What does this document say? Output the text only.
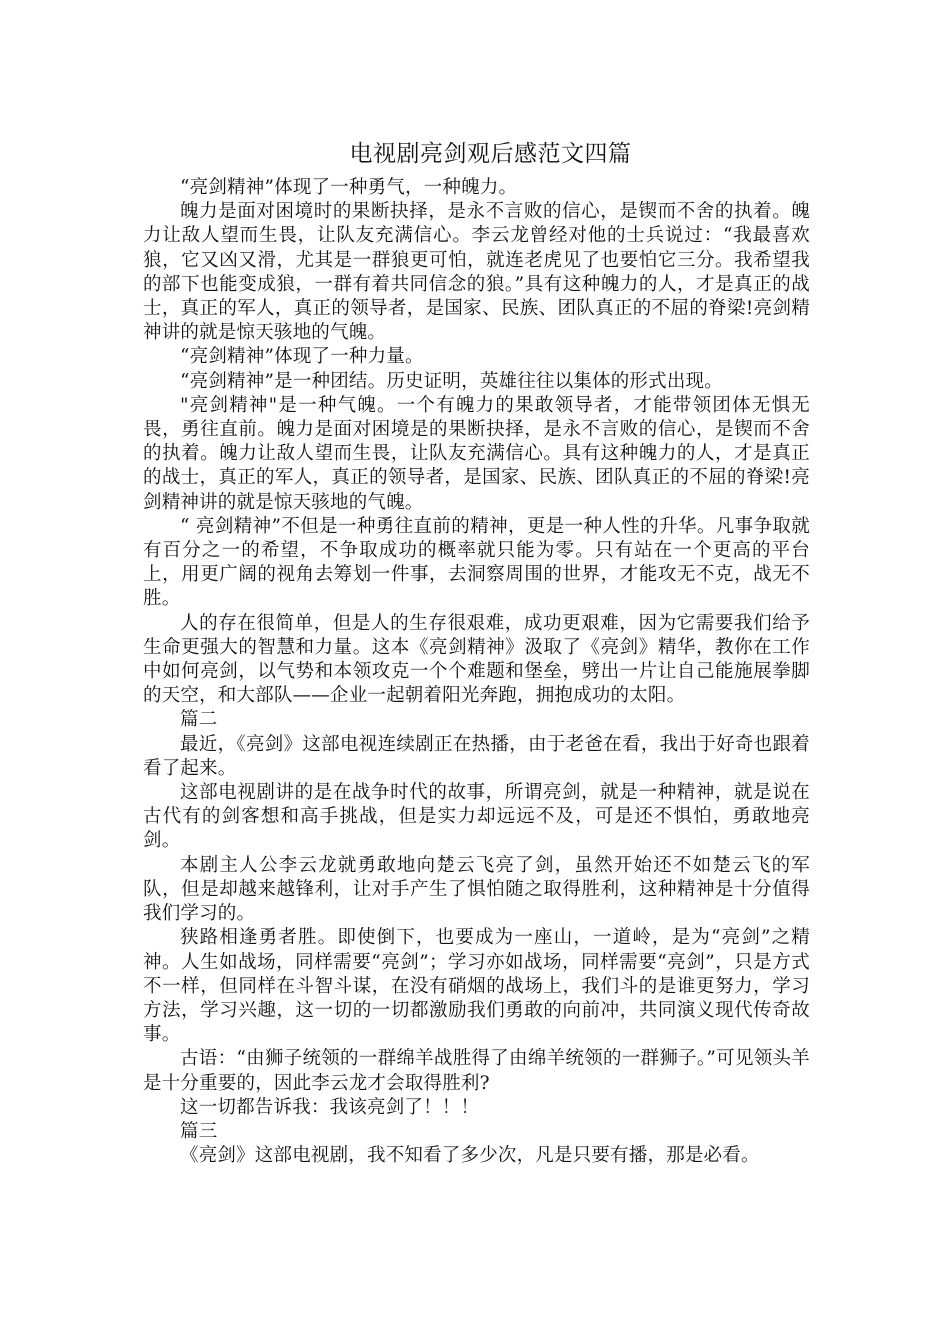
电视剧亮剑观后感范文四篇

“亮剑精神”体现了一种勇气，一种魄力。

魄力是面对困境时的果断抉择，是永不言败的信心，是锲而不舍的执着。魄力让敌人望而生畏，让队友充满信心。李云龙曾经对他的士兵说过：“我最喜欢狼，它又凶又滑，尤其是一群狼更可怕，就连老虎见了也要怕它三分。我希望我的部下也能变成狼，一群有着共同信念的狼。”具有这种魄力的人，才是真正的战士，真正的军人，真正的领导者，是国家、民族、团队真正的不屈的脊梁!亮剑精神讲的就是惊天骇地的气魄。

“亮剑精神”体现了一种力量。

“亮剑精神”是一种团结。历史证明，英雄往往以集体的形式出现。

"亮剑精神"是一种气魄。一个有魄力的果敢领导者，才能带领团体无惧无畏，勇往直前。魄力是面对困境是的果断抉择，是永不言败的信心，是锲而不舍的执着。魄力让敌人望而生畏，让队友充满信心。具有这种魄力的人，才是真正的战士，真正的军人，真正的领导者，是国家、民族、团队真正的不屈的脊梁!亮剑精神讲的就是惊天骇地的气魄。

“ 亮剑精神”不但是一种勇往直前的精神，更是一种人性的升华。凡事争取就有百分之一的希望，不争取成功的概率就只能为零。只有站在一个更高的平台上，用更广阔的视角去筹划一件事，去洞察周围的世界，才能攻无不克，战无不胜。

人的存在很简单，但是人的生存很艰难，成功更艰难，因为它需要我们给予生命更强大的智慧和力量。这本《亮剑精神》汲取了《亮剑》精华，教你在工作中如何亮剑，以气势和本领攻克一个个难题和堡垒，劈出一片让自己能施展拳脚的天空，和大部队——企业一起朝着阳光奔跑，拥抱成功的太阳。

篇二

最近，《亮剑》这部电视连续剧正在热播，由于老爸在看，我出于好奇也跟着看了起来。

这部电视剧讲的是在战争时代的故事，所谓亮剑，就是一种精神，就是说在古代有的剑客想和高手挑战，但是实力却远远不及，可是还不惧怕，勇敢地亮剑。

本剧主人公李云龙就勇敢地向楚云飞亮了剑，虽然开始还不如楚云飞的军队，但是却越来越锋利，让对手产生了惧怕随之取得胜利，这种精神是十分值得我们学习的。

狭路相逢勇者胜。即使倒下，也要成为一座山，一道岭，是为“亮剑”之精神。人生如战场，同样需要“亮剑”；学习亦如战场，同样需要“亮剑”，只是方式不一样，但同样在斗智斗谋，在没有硝烟的战场上，我们斗的是谁更努力，学习方法，学习兴趣，这一切的一切都激励我们勇敢的向前冲，共同演义现代传奇故事。

古语：“由狮子统领的一群绵羊战胜得了由绵羊统领的一群狮子。”可见领头羊是十分重要的，因此李云龙才会取得胜利?

这一切都告诉我：我该亮剑了！！！

篇三

《亮剑》这部电视剧，我不知看了多少次，凡是只要有播，那是必看。
